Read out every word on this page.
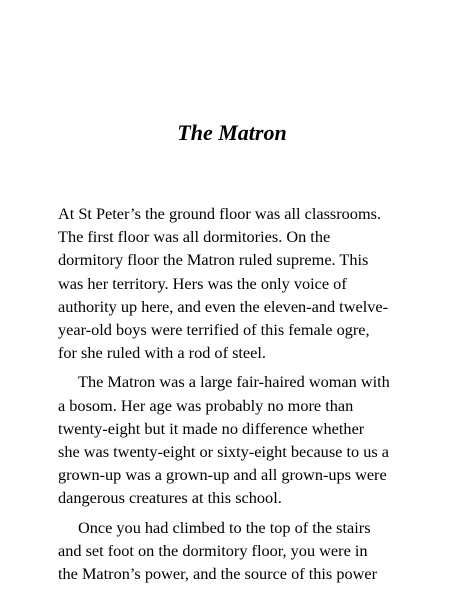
The Matron

At St Peter’s the ground floor was all classrooms.
The first floor was all dormitories. On the
dormitory floor the Matron ruled supreme. This
was her territory. Hers was the only voice of
authority up here, and even the eleven-and twelve-
year-old boys were terrified of this female ogre,
for she ruled with a rod of steel.

The Matron was a large fair-haired woman with
a bosom. Her age was probably no more than
twenty-eight but it made no difference whether
she was twenty-eight or sixty-eight because to us a
grown-up was a grown-up and all grown-ups were
dangerous creatures at this school.

Once you had climbed to the top of the stairs
and set foot on the dormitory floor, you were in
the Matron’s power, and the source of this power
